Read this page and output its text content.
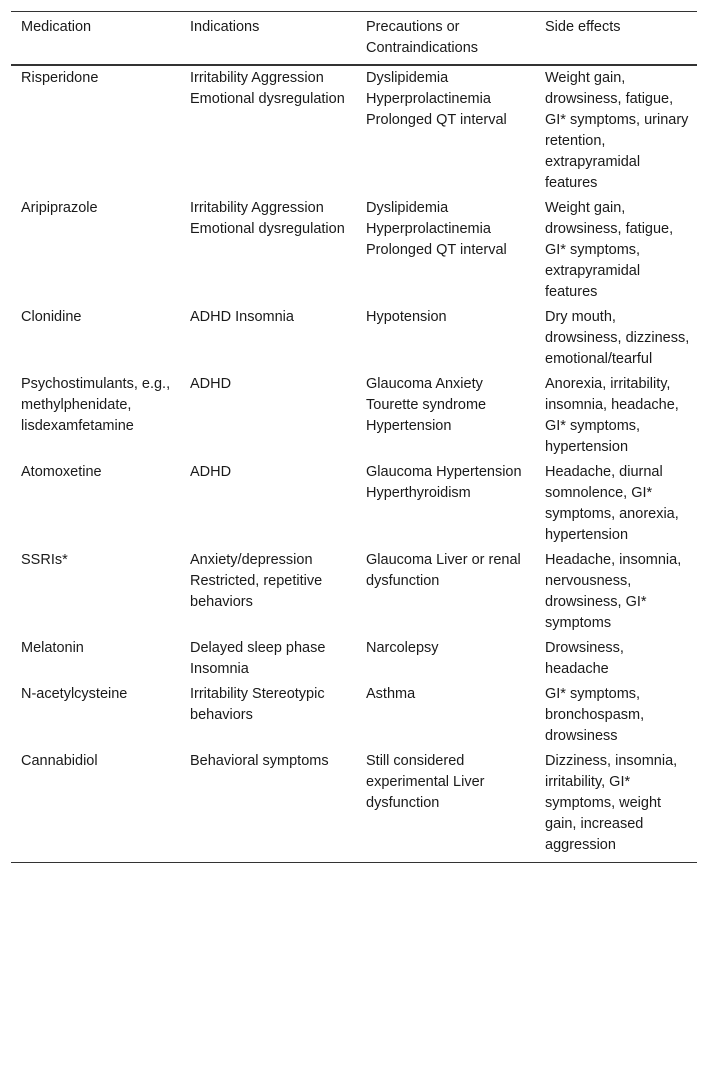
Medication	Indications	Precautions or Contraindications	Side effects
Risperidone	Irritability Aggression Emotional dysregulation	Dyslipidemia Hyperprolactinemia Prolonged QT interval	Weight gain, drowsiness, fatigue, GI* symptoms, urinary retention, extrapyramidal features
Aripiprazole	Irritability Aggression Emotional dysregulation	Dyslipidemia Hyperprolactinemia Prolonged QT interval	Weight gain, drowsiness, fatigue, GI* symptoms, extrapyramidal features
Clonidine	ADHD Insomnia	Hypotension	Dry mouth, drowsiness, dizziness, emotional/tearful
Psychostimulants, e.g., methylphenidate, lisdexamfetamine	ADHD	Glaucoma Anxiety Tourette syndrome Hypertension	Anorexia, irritability, insomnia, headache, GI* symptoms, hypertension
Atomoxetine	ADHD	Glaucoma Hypertension Hyperthyroidism	Headache, diurnal somnolence, GI* symptoms, anorexia, hypertension
SSRIs*	Anxiety/depression Restricted, repetitive behaviors	Glaucoma Liver or renal dysfunction	Headache, insomnia, nervousness, drowsiness, GI* symptoms
Melatonin	Delayed sleep phase Insomnia	Narcolepsy	Drowsiness, headache
N-acetylcysteine	Irritability Stereotypic behaviors	Asthma	GI* symptoms, bronchospasm, drowsiness
Cannabidiol	Behavioral symptoms	Still considered experimental Liver dysfunction	Dizziness, insomnia, irritability, GI* symptoms, weight gain, increased aggression
